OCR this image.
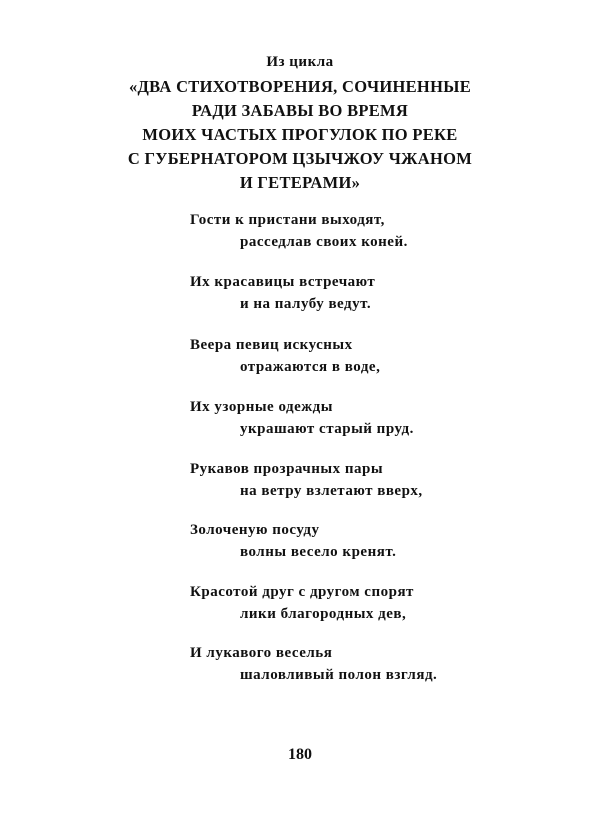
Из цикла
«ДВА СТИХОТВОРЕНИЯ, СОЧИНЕННЫЕ
РАДИ ЗАБАВЫ ВО ВРЕМЯ
МОИХ ЧАСТЫХ ПРОГУЛОК ПО РЕКЕ
С ГУБЕРНАТОРОМ ЦЗЫЧЖОУ ЧЖАНОМ
И ГЕТЕРАМИ»
Гости к пристани выходят,
расседлав своих коней.
Их красавицы встречают
и на палубу ведут.
Веера певиц искусных
отражаются в воде,
Их узорные одежды
украшают старый пруд.
Рукавов прозрачных пары
на ветру взлетают вверх,
Золоченую посуду
волны весело кренят.
Красотой друг с другом спорят
лики благородных дев,
И лукавого веселья
шаловливый полон взгляд.
180
